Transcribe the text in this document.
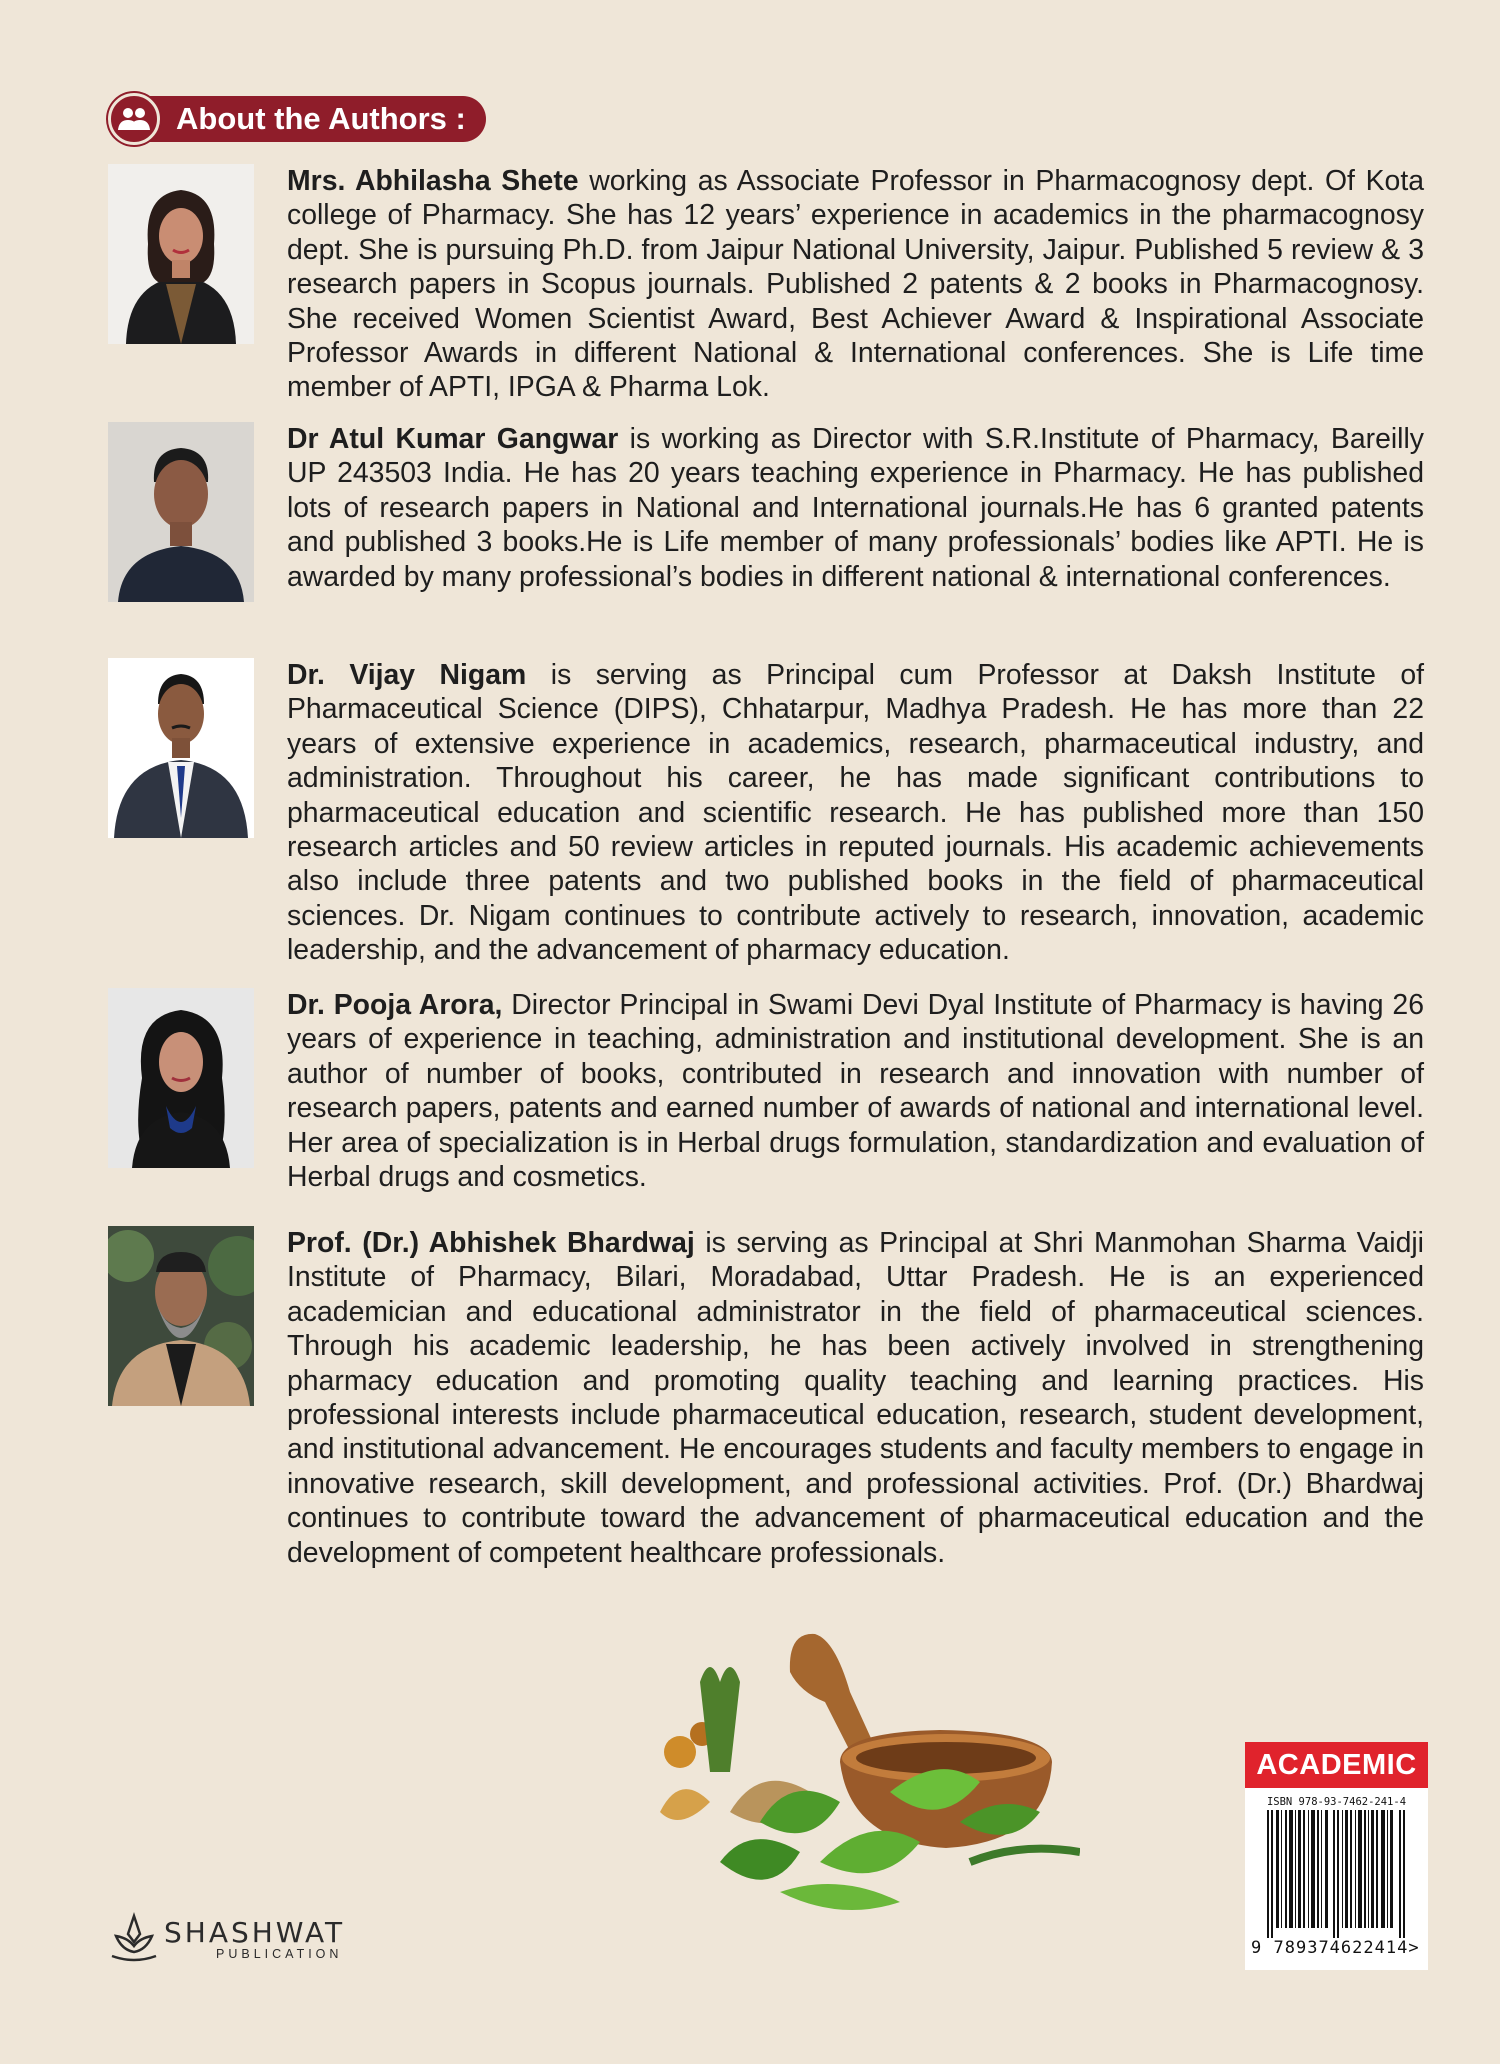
About the Authors :

Mrs. Abhilasha Shete working as Associate Professor in Pharmacognosy dept. Of Kota college of Pharmacy. She has 12 years’ experience in academics in the pharmacognosy dept. She is pursuing Ph.D. from Jaipur National University, Jaipur. Published 5 review & 3 research papers in Scopus journals. Published 2 patents & 2 books in Pharmacognosy. She received Women Scientist Award, Best Achiever Award & Inspirational Associate Professor Awards in different National & International conferences. She is Life time member of APTI, IPGA & Pharma Lok.

Dr Atul Kumar Gangwar is working as Director with S.R.Institute of Pharmacy, Bareilly UP 243503 India. He has 20 years teaching experience in Pharmacy. He has published lots of research papers in National and International journals.He has 6 granted patents and published 3 books.He is Life member of many professionals’ bodies like APTI. He is awarded by many professional’s bodies in different national & international conferences.

Dr. Vijay Nigam is serving as Principal cum Professor at Daksh Institute of Pharmaceutical Science (DIPS), Chhatarpur, Madhya Pradesh. He has more than 22 years of extensive experience in academics, research, pharmaceutical industry, and administration. Throughout his career, he has made significant contributions to pharmaceutical education and scientific research. He has published more than 150 research articles and 50 review articles in reputed journals. His academic achievements also include three patents and two published books in the field of pharmaceutical sciences. Dr. Nigam continues to contribute actively to research, innovation, academic leadership, and the advancement of pharmacy education.

Dr. Pooja Arora, Director Principal in Swami Devi Dyal Institute of Pharmacy is having 26 years of experience in teaching, administration and institutional development. She is an author of number of books, contributed in research and innovation with number of research papers, patents and earned number of awards of national and international level. Her area of specialization is in Herbal drugs formulation, standardization and evaluation of Herbal drugs and cosmetics.

Prof. (Dr.) Abhishek Bhardwaj is serving as Principal at Shri Manmohan Sharma Vaidji Institute of Pharmacy, Bilari, Moradabad, Uttar Pradesh. He is an experienced academician and educational administrator in the field of pharmaceutical sciences. Through his academic leadership, he has been actively involved in strengthening pharmacy education and promoting quality teaching and learning practices. His professional interests include pharmaceutical education, research, student development, and institutional advancement. He encourages students and faculty members to engage in innovative research, skill development, and professional activities. Prof. (Dr.) Bhardwaj continues to contribute toward the advancement of pharmaceutical education and the development of competent healthcare professionals.

SHASHWAT
PUBLICATION
ACADEMIC
ISBN 978-93-7462-241-4
9 789374622414>
